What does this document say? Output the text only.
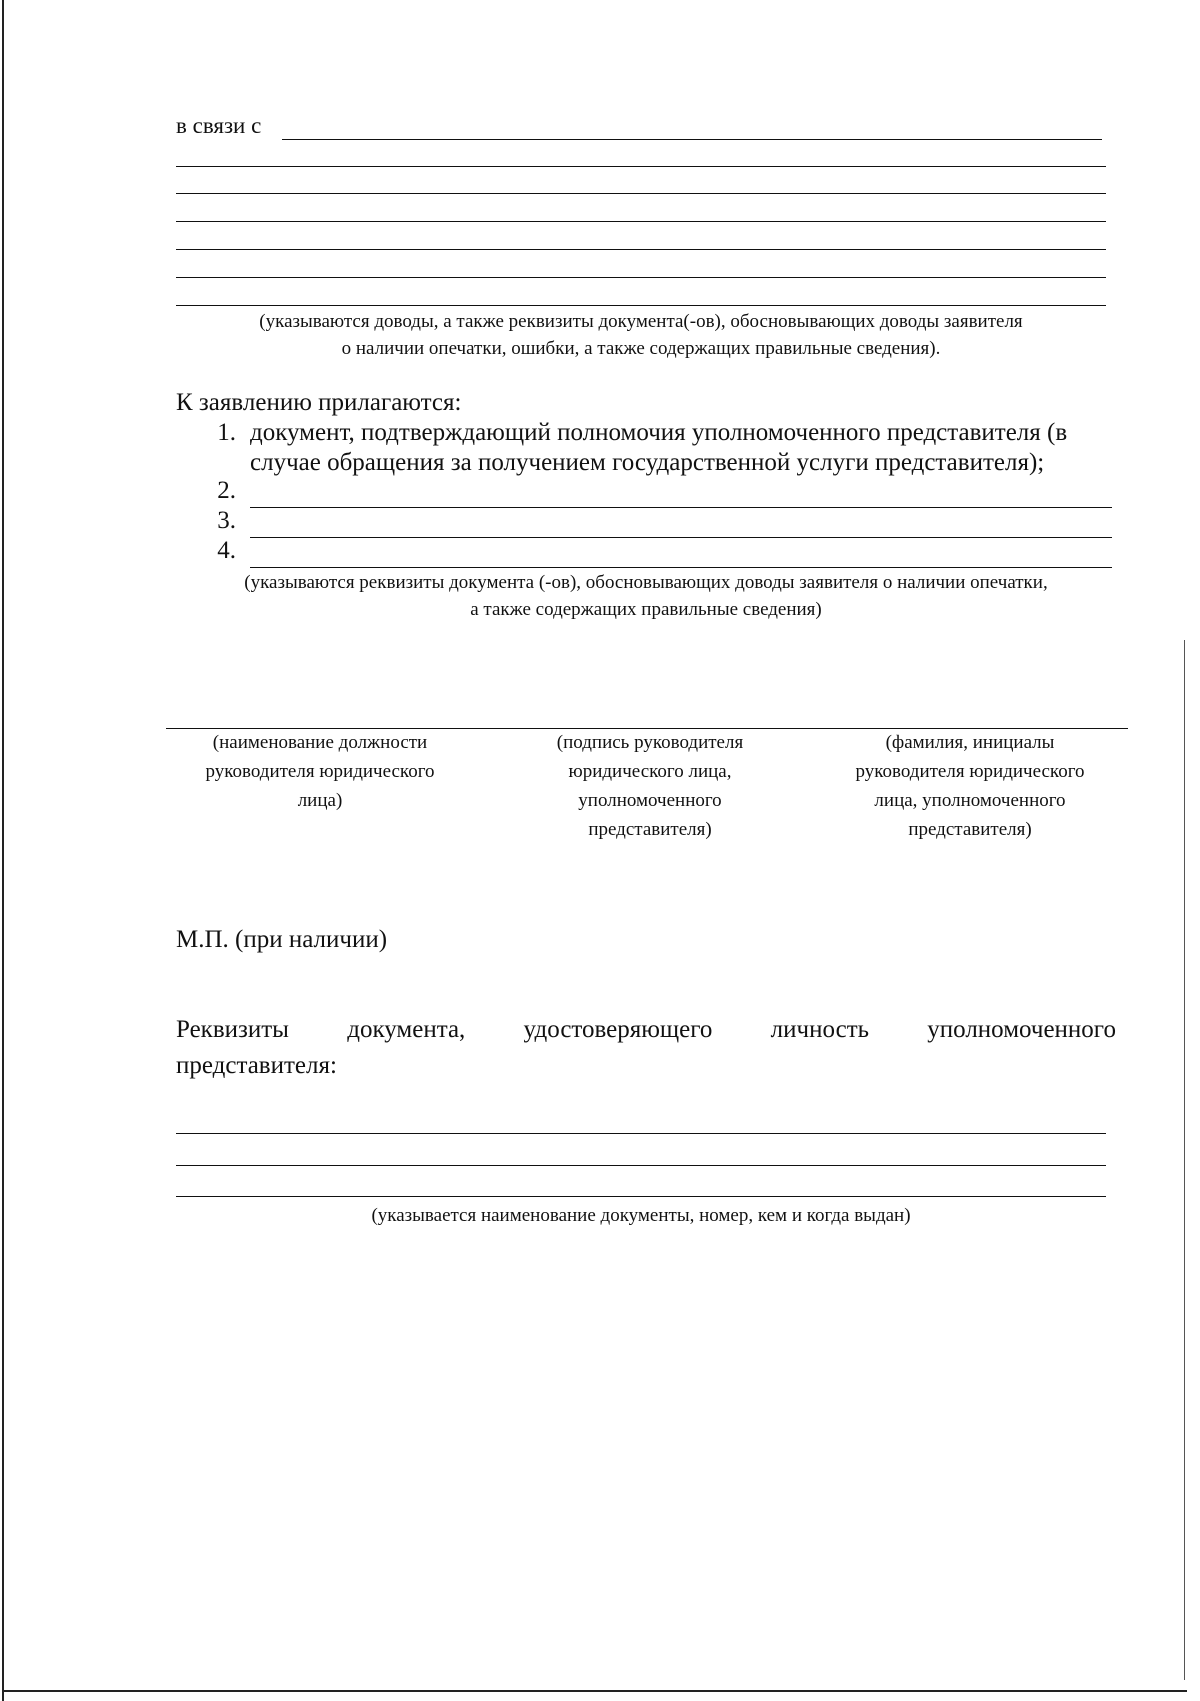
в связи с
(указываются доводы, а также реквизиты документа(-ов), обосновывающих доводы заявителя
о наличии опечатки, ошибки, а также содержащих правильные сведения).
К заявлению прилагаются:
1. документ, подтверждающий полномочия уполномоченного представителя (в
случае обращения за получением государственной услуги представителя);
2.
3.
4.
(указываются реквизиты документа (-ов), обосновывающих доводы заявителя о наличии опечатки,
а также содержащих правильные сведения)
(наименование должности
руководителя юридического
лица)
(подпись руководителя
юридического лица,
уполномоченного
представителя)
(фамилия, инициалы
руководителя юридического
лица, уполномоченного
представителя)
М.П. (при наличии)
Реквизиты документа, удостоверяющего личность уполномоченного
представителя:
(указывается наименование документы, номер, кем и когда выдан)
